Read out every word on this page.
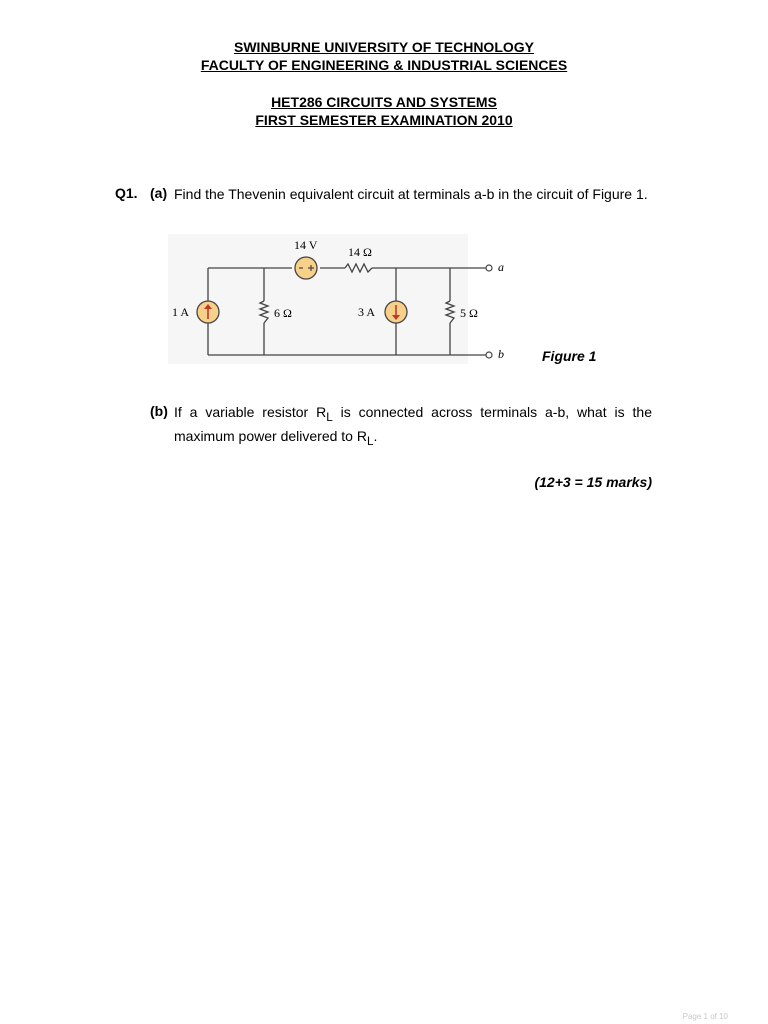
SWINBURNE UNIVERSITY OF TECHNOLOGY
FACULTY OF ENGINEERING & INDUSTRIAL SCIENCES
HET286 CIRCUITS AND SYSTEMS
FIRST SEMESTER EXAMINATION 2010
Q1. (a) Find the Thevenin equivalent circuit at terminals a-b in the circuit of Figure 1.
1 A	6 Ω
14 V	14 Ω
3 A	5 Ω
a
b	Figure 1
(b) If a variable resistor $R_L$ is connected across terminals a-b, what is the maximum power delivered to $R_L$.
(12+3 = 15 marks)
Page 1 of 10
